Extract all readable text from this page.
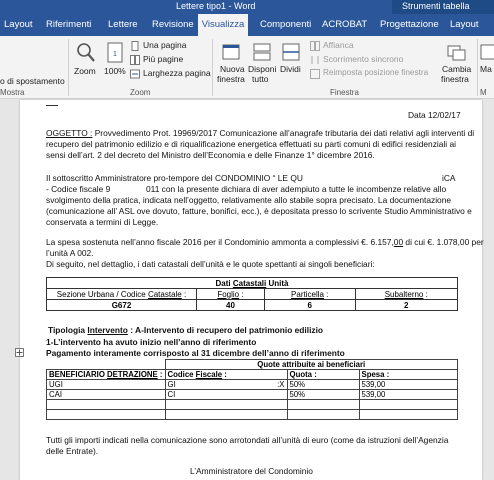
Lettere tipo1 - Word	Strumenti tabella
Layout Riferimenti Lettere Revisione Visualizza	Componenti ACROBAT Progettazione Layout
o di spostamento
Mostra
Zoom
1
100%
Una pagina
Più pagine
Larghezza pagina
Zoom
Nuova
finestra
Disponi
tutto
Dividi
Affianca
Scorrimento sincrono
Reimposta posizione finestra
Finestra
Cambia
finestra
Ma
M
Data 12/02/17
OGGETTO : Provvedimento Prot. 19969/2017 Comunicazione all’anagrafe tributaria dei dati relativi agli interventi di
recupero del patrimonio edilizio e di riqualificazione energetica effettuati su parti comuni di edifici residenziali ai
sensi dell’art. 2 del decreto del Ministro dell’Economia e delle Finanze 1° dicembre 2016.
Il sottoscritto Amministratore pro-tempore del CONDOMINIO “ LE QU	iCA
- Codice fiscale 9	011 con la presente dichiara di aver adempiuto a tutte le incombenze relative allo
svolgimento della pratica, indicata nell’oggetto, relativamente allo stabile sopra precisato. La documentazione
(comunicazione all’ ASL ove dovuto, fatture, bonifici, ecc.), è depositata presso lo scrivente Studio Amministrativo e
conservata a termini di Legge.
La spesa sostenuta nell’anno fiscale 2016 per il Condominio ammonta a complessivi €. 6.157,00 di cui €. 1.078,00 per
l’unità A 002.
Di seguito, nel dettaglio, i dati catastali dell’unità e le quote spettanti ai singoli beneficiari:
Dati Catastali Unità			
Sezione Urbana / Codice Catastale :	Foglio :	Particella :	Subalterno :
G672	40	6	2
Tipologia Intervento : A-Intervento di recupero del patrimonio edilizio
1-L’intervento ha avuto inizio nell’anno di riferimento
Pagamento interamente corrisposto al 31 dicembre dell’anno di riferimento
	Quote attribuite ai beneficiari		
BENEFICIARIO DETRAZIONE :	Codice Fiscale :	Quota :	Spesa :
UGI	GI :X	50%	539,00
CAI	CI	50%	539,00

Tutti gli importi indicati nella comunicazione sono arrotondati all’unità di euro (come da istruzioni dell’Agenzia
delle Entrate).
L’Amministratore del Condominio
